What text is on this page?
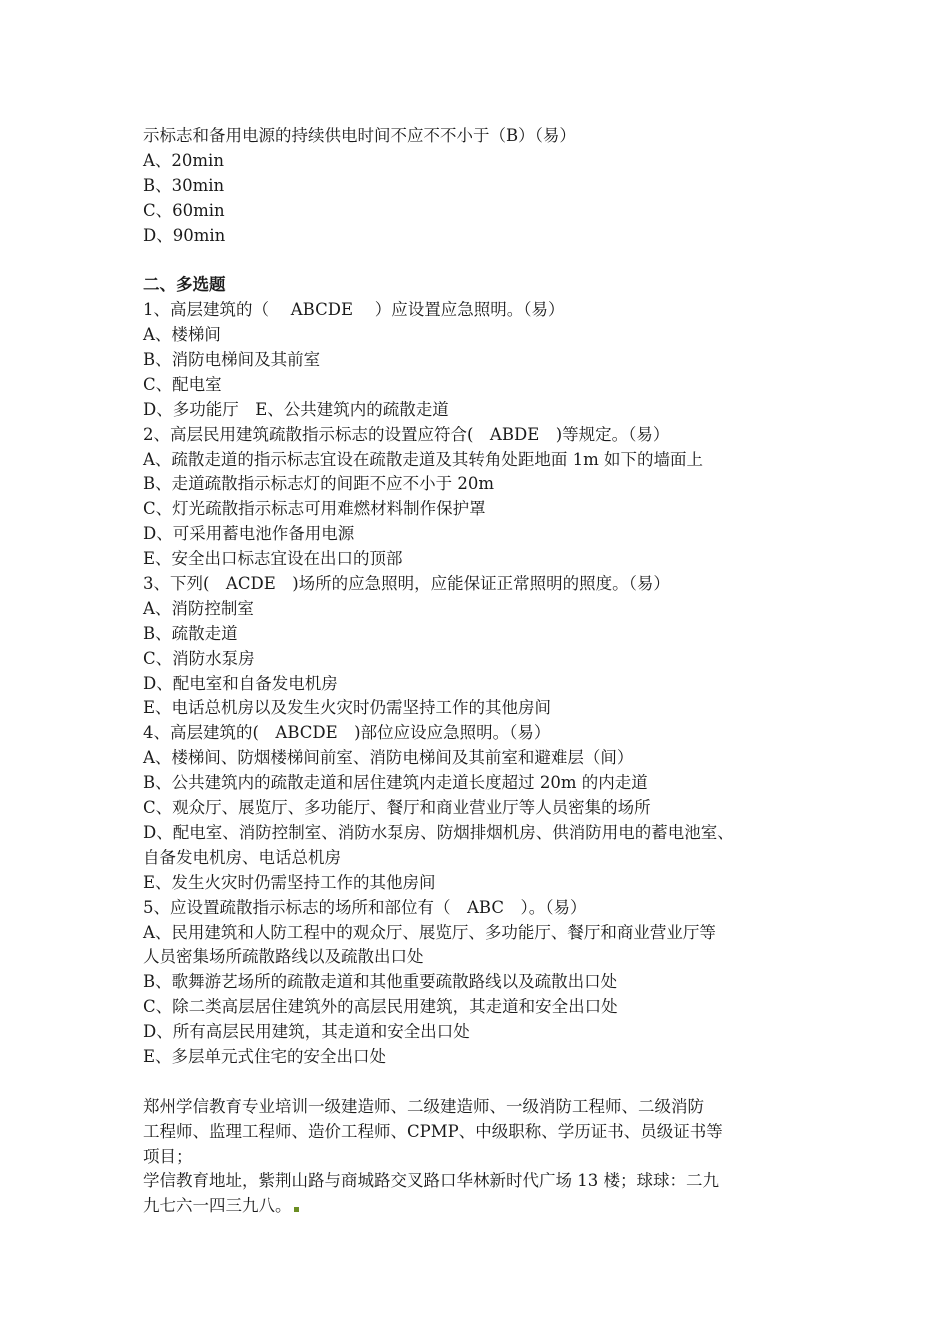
示标志和备用电源的持续供电时间不应不不小于（B）（易）
A、20min
B、30min
C、60min
D、90min
二、多选题
1、高层建筑的（　 ABCDE　 ）应设置应急照明。（易）
A、楼梯间
B、消防电梯间及其前室
C、配电室
D、多功能厅　E、公共建筑内的疏散走道
2、高层民用建筑疏散指示标志的设置应符合(　ABDE　)等规定。（易）
A、疏散走道的指示标志宜设在疏散走道及其转角处距地面 1m 如下的墙面上
B、走道疏散指示标志灯的间距不应不小于 20m
C、灯光疏散指示标志可用难燃材料制作保护罩
D、可采用蓄电池作备用电源
E、安全出口标志宜设在出口的顶部
3、下列(　ACDE　)场所的应急照明，应能保证正常照明的照度。（易）
A、消防控制室
B、疏散走道
C、消防水泵房
D、配电室和自备发电机房
E、电话总机房以及发生火灾时仍需坚持工作的其他房间
4、高层建筑的(　ABCDE　)部位应设应急照明。（易）
A、楼梯间、防烟楼梯间前室、消防电梯间及其前室和避难层（间）
B、公共建筑内的疏散走道和居住建筑内走道长度超过 20m 的内走道
C、观众厅、展览厅、多功能厅、餐厅和商业营业厅等人员密集的场所
D、配电室、消防控制室、消防水泵房、防烟排烟机房、供消防用电的蓄电池室、
自备发电机房、电话总机房
E、发生火灾时仍需坚持工作的其他房间
5、应设置疏散指示标志的场所和部位有（　ABC　）。（易）
A、民用建筑和人防工程中的观众厅、展览厅、多功能厅、餐厅和商业营业厅等
人员密集场所疏散路线以及疏散出口处
B、歌舞游艺场所的疏散走道和其他重要疏散路线以及疏散出口处
C、除二类高层居住建筑外的高层民用建筑，其走道和安全出口处
D、所有高层民用建筑，其走道和安全出口处
E、多层单元式住宅的安全出口处
郑州学信教育专业培训一级建造师、二级建造师、一级消防工程师、二级消防
工程师、监理工程师、造价工程师、CPMP、中级职称、学历证书、员级证书等
项目；
学信教育地址，紫荆山路与商城路交叉路口华林新时代广场 13 楼；球球：二九
九七六一四三九八。
